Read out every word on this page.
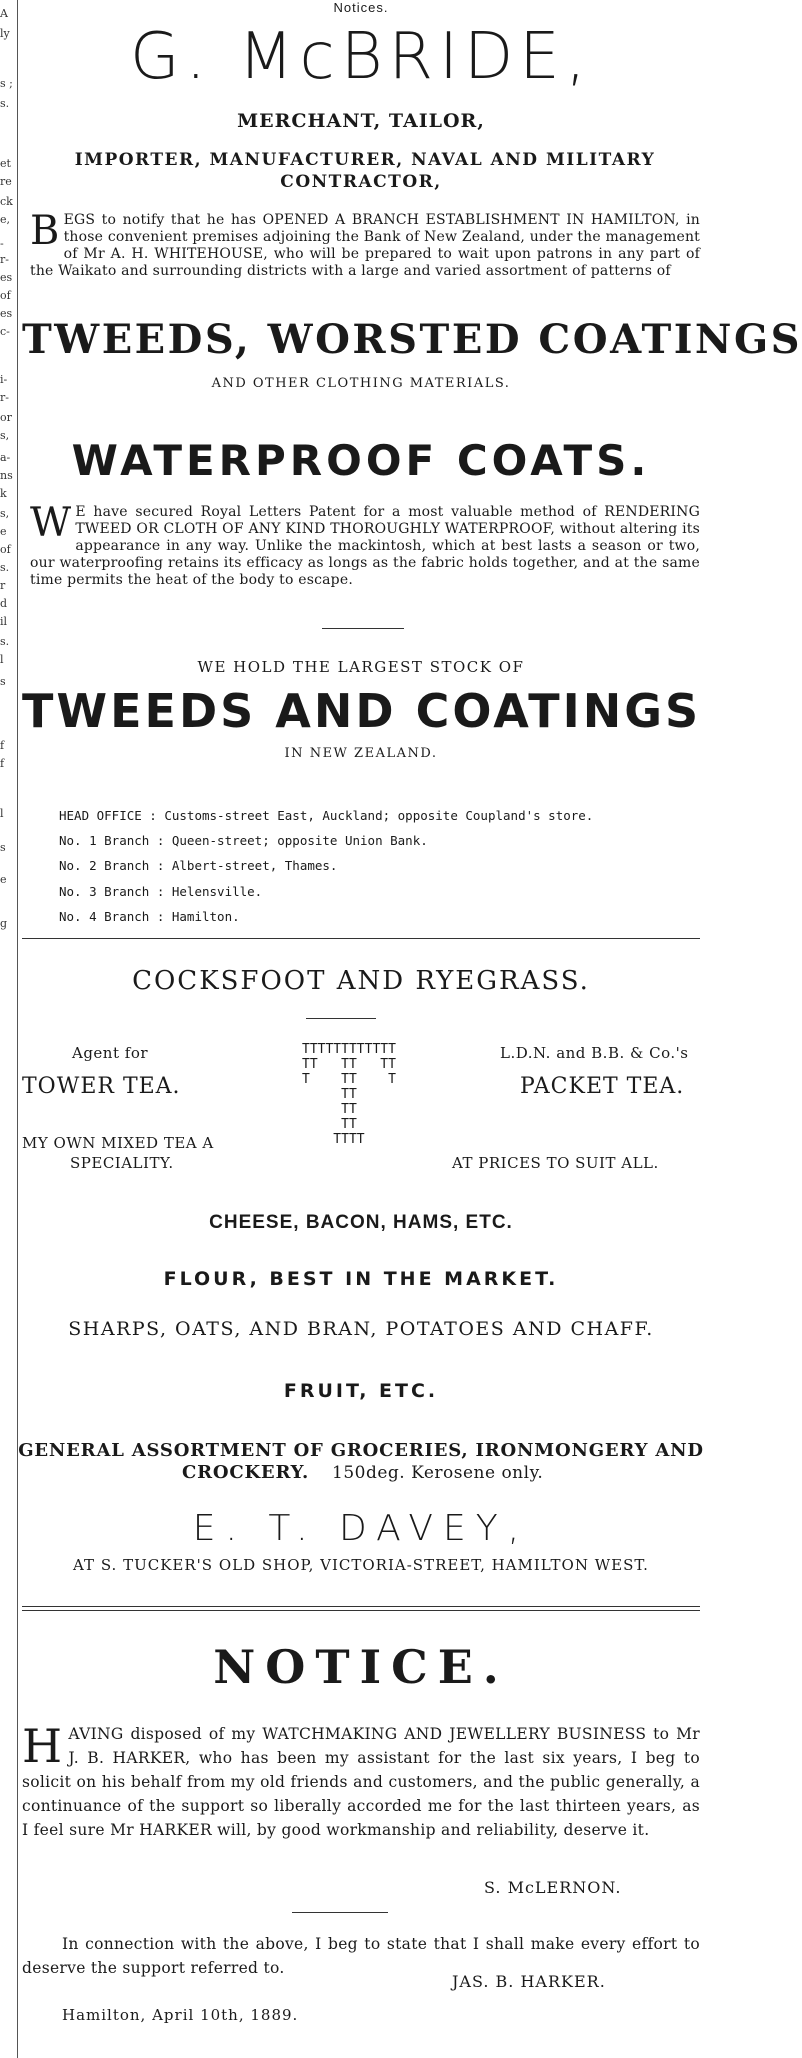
A
ly
s ;
s.
et
re
ck
e,
-
r-
es
of
es
c-
i-
r-
or
s,
a-
ns
k
s,
e
of
s.
r
d
il
s.
l
s
f
f
l
s
e
g
Notices.
G. McBRIDE,
MERCHANT, TAILOR,
IMPORTER, MANUFACTURER, NAVAL AND MILITARY
CONTRACTOR,
BEGS to notify that he has OPENED A BRANCH ESTABLISHMENT IN HAMILTON, in those convenient premises adjoining the Bank of New Zealand, under the management of Mr A. H. WHITEHOUSE, who will be prepared to wait upon patrons in any part of the Waikato and surrounding districts with a large and varied assortment of patterns of
TWEEDS, WORSTED COATINGS
AND OTHER CLOTHING MATERIALS.
WATERPROOF COATS.
W E have secured Royal Letters Patent for a most valuable method of RENDERING TWEED OR CLOTH OF ANY KIND THOROUGHLY WATERPROOF, without altering its appearance in any way. Unlike the mackintosh, which at best lasts a season or two, our waterproofing retains its efficacy as longs as the fabric holds together, and at the same time permits the heat of the body to escape.
WE HOLD THE LARGEST STOCK OF
TWEEDS AND COATINGS
IN NEW ZEALAND.
HEAD OFFICE : Customs-street East, Auckland; opposite Coupland's store.
No. 1 Branch : Queen-street; opposite Union Bank.
No. 2 Branch : Albert-street, Thames.
No. 3 Branch : Helensville.
No. 4 Branch : Hamilton.
COCKSFOOT AND RYEGRASS.
Agent for
TOWER TEA.
MY OWN MIXED TEA A
SPECIALITY.
TTTTTTTTTTTT
TT   TT   TT
T    TT    T
TT
TT
TT
TTTT
L.D.N. and B.B. & Co.'s
PACKET TEA.
AT PRICES TO SUIT ALL.
CHEESE, BACON, HAMS, ETC.
FLOUR, BEST IN THE MARKET.
SHARPS, OATS, AND BRAN, POTATOES AND CHAFF.
FRUIT, ETC.
GENERAL ASSORTMENT OF GROCERIES, IRONMONGERY AND
CROCKERY.	150deg. Kerosene only.
E. T. DAVEY,
AT S. TUCKER'S OLD SHOP, VICTORIA-STREET, HAMILTON WEST.
NOTICE.
HAVING disposed of my WATCHMAKING AND JEWELLERY BUSINESS to Mr J. B. HARKER, who has been my assistant for the last six years, I beg to solicit on his behalf from my old friends and customers, and the public generally, a continuance of the support so liberally accorded me for the last thirteen years, as I feel sure Mr HARKER will, by good workmanship and reliability, deserve it.
S. McLERNON.
In connection with the above, I beg to state that I shall make every effort to deserve the support referred to.
JAS. B. HARKER.
Hamilton, April 10th, 1889.
